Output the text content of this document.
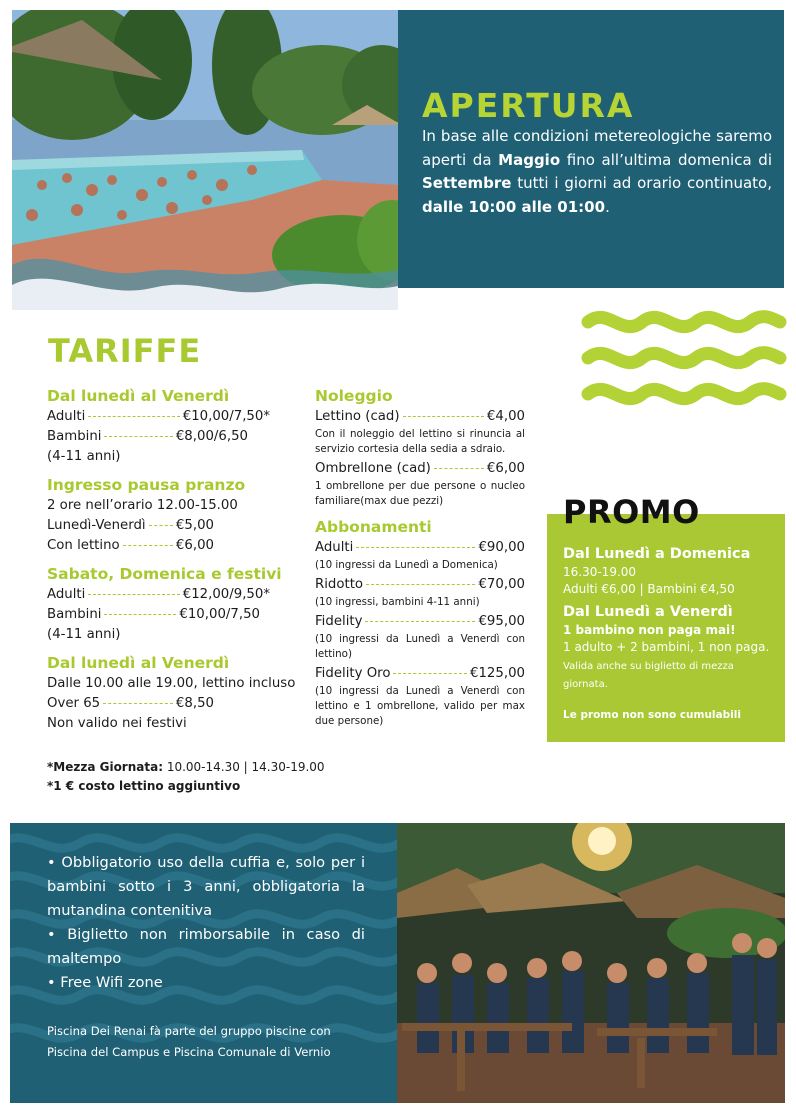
APERTURA
In base alle condizioni metereologiche saremo aperti da Maggio fino all’ultima domenica di Settembre tutti i giorni ad orario continuato, dalle 10:00 alle 01:00.
TARIFFE
Dal lunedì al Venerdì
Adulti	€10,00/7,50*
Bambini	€8,00/6,50
(4-11 anni)
Ingresso pausa pranzo
2 ore nell’orario 12.00-15.00
Lunedì-Venerdì €5,00
Con lettino	€6,00
Sabato, Domenica e festivi
Adulti	€12,00/9,50*
Bambini	€10,00/7,50
(4-11 anni)
Dal lunedì al Venerdì
Dalle 10.00 alle 19.00, lettino incluso
Over 65	€8,50
Non valido nei festivi
Noleggio
Lettino (cad)	€4,00
Con il noleggio del lettino si rinuncia al servizio cortesia della sedia a sdraio.
Ombrellone (cad)	€6,00
1 ombrellone per due persone o nucleo familiare(max due pezzi)
Abbonamenti
Adulti	€90,00
(10 ingressi da Lunedì a Domenica)
Ridotto	€70,00
(10 ingressi, bambini 4-11 anni)
Fidelity	€95,00
(10 ingressi da Lunedì a Venerdì con lettino)
Fidelity Oro	€125,00
(10 ingressi da Lunedì a Venerdì con lettino e 1 ombrellone, valido per max due persone)
*Mezza Giornata: 10.00-14.30 | 14.30-19.00
*1 € costo lettino aggiuntivo
Dal Lunedì a Domenica
16.30-19.00
Adulti €6,00 | Bambini €4,50
Dal Lunedì a Venerdì
1 bambino non paga mai!
1 adulto + 2 bambini, 1 non paga. Valida anche su biglietto di mezza giornata.
Le promo non sono cumulabili
PROMO
• Obbligatorio uso della cuffia e, solo per i bambini sotto i 3 anni, obbligatoria la mutandina contenitiva
• Biglietto non rimborsabile in caso di maltempo
• Free Wifi zone
Piscina Dei Renai fà parte del gruppo piscine con
Piscina del Campus e Piscina Comunale di Vernio
